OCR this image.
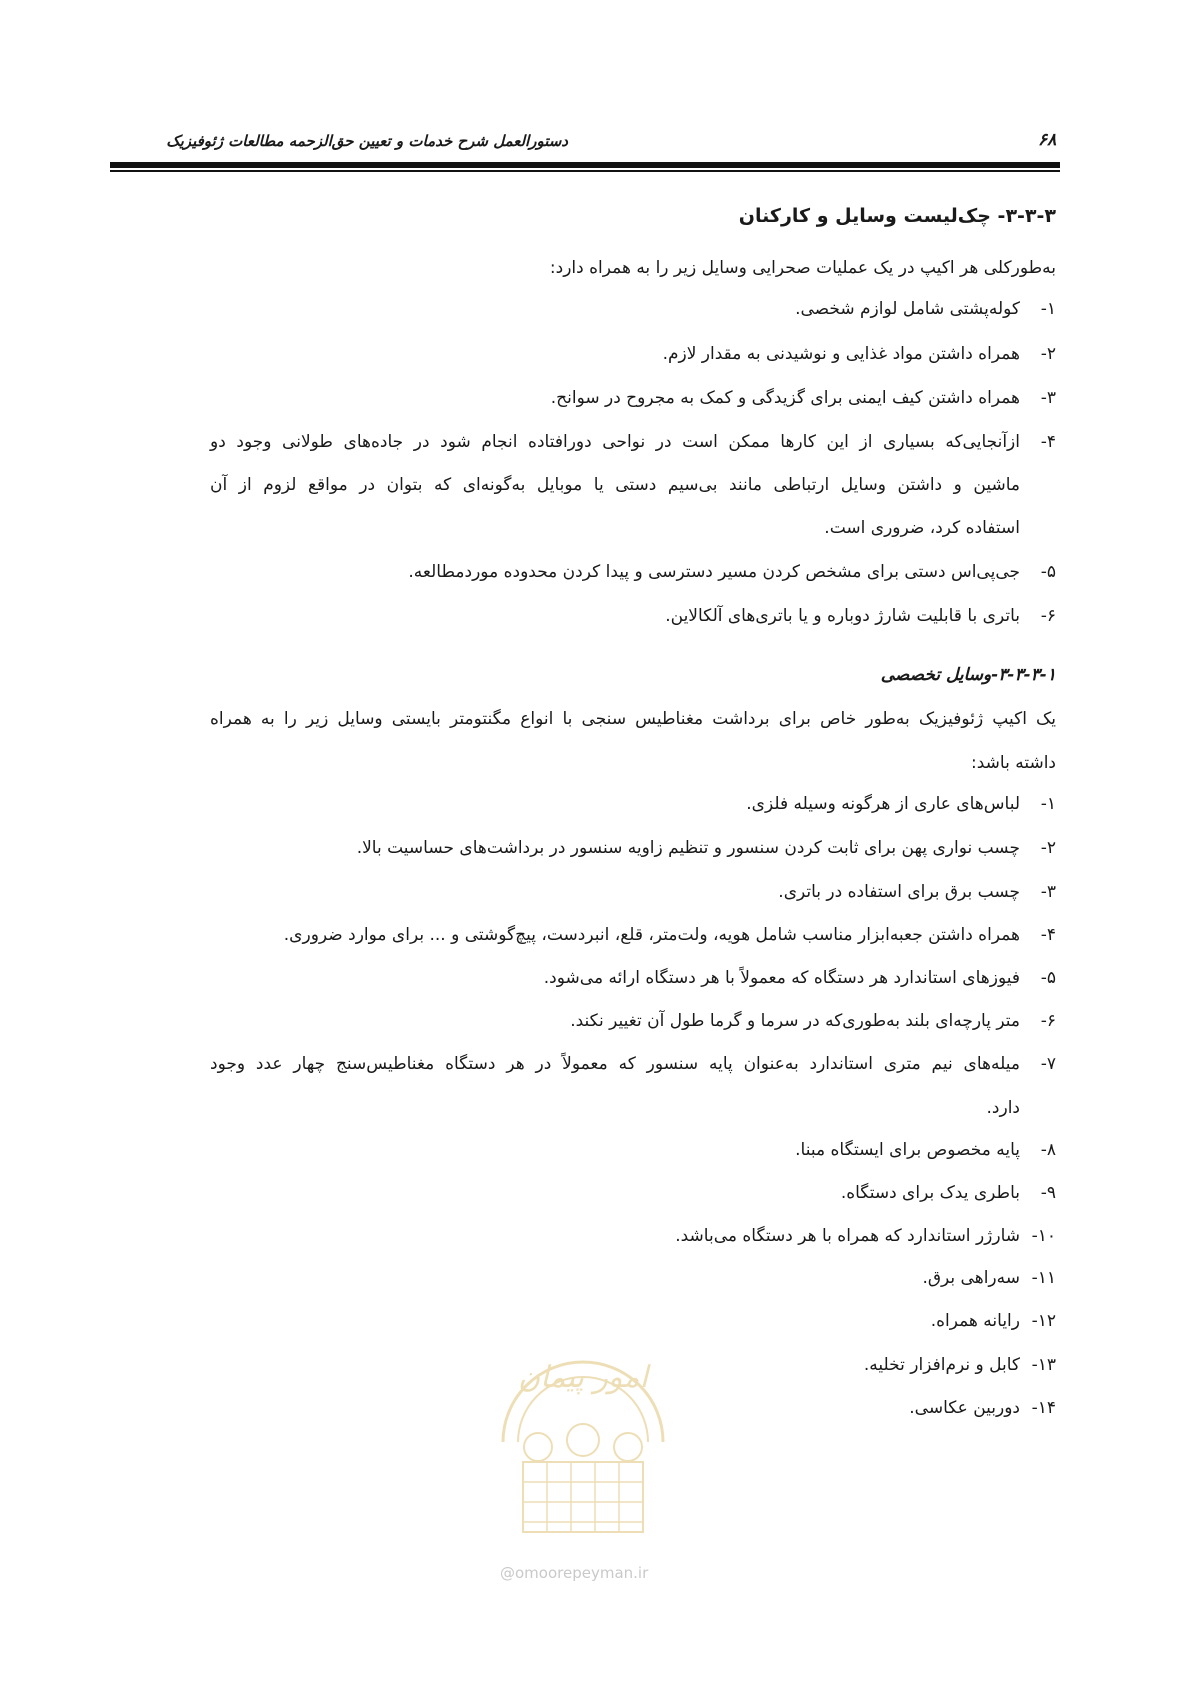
دستورالعمل شرح خدمات و تعیین حق‌الزحمه مطالعات ژئوفیزیک	۶۸
۳-۳-۳- چک‌لیست وسایل و کارکنان
به‌طورکلی هر اکیپ در یک عملیات صحرایی وسایل زیر را به همراه دارد:
۱-
کوله‌پشتی شامل لوازم شخصی.
۲-
همراه داشتن مواد غذایی و نوشیدنی به مقدار لازم.
۳-
همراه داشتن کیف ایمنی برای گزیدگی و کمک به مجروح در سوانح.
۴-
ازآنجایی‌که بسیاری از این کارها ممکن است در نواحی دورافتاده انجام شود در جاده‌های طولانی وجود دو
ماشین و داشتن وسایل ارتباطی مانند بی‌سیم دستی یا موبایل به‌گونه‌ای که بتوان در مواقع لزوم از آن
استفاده کرد، ضروری است.
۵-
جی‌پی‌اس دستی برای مشخص کردن مسیر دسترسی و پیدا کردن محدوده موردمطالعه.
۶-
باتری با قابلیت شارژ دوباره و یا باتری‌های آلکالاین.
۳-۳-۳-۱-وسایل تخصصی
یک اکیپ ژئوفیزیک به‌طور خاص برای برداشت مغناطیس سنجی با انواع مگنتومتر بایستی وسایل زیر را به همراه
داشته باشد:
۱-
لباس‌های عاری از هرگونه وسیله فلزی.
۲-
چسب نواری پهن برای ثابت کردن سنسور و تنظیم زاویه سنسور در برداشت‌های حساسیت بالا.
۳-
چسب برق برای استفاده در باتری.
۴-
همراه داشتن جعبه‌ابزار مناسب شامل هویه، ولت‌متر، قلع، انبردست، پیچ‌گوشتی و ... برای موارد ضروری.
۵-
فیوزهای استاندارد هر دستگاه که معمولاً با هر دستگاه ارائه می‌شود.
۶-
متر پارچه‌ای بلند به‌طوری‌که در سرما و گرما طول آن تغییر نکند.
۷-
میله‌های نیم متری استاندارد به‌عنوان پایه سنسور که معمولاً در هر دستگاه مغناطیس‌سنج چهار عدد وجود
دارد.
۸-
پایه مخصوص برای ایستگاه مبنا.
۹-
باطری یدک برای دستگاه.
۱۰-
شارژر استاندارد که همراه با هر دستگاه می‌باشد.
۱۱-
سه‌راهی برق.
۱۲-
رایانه همراه.
۱۳-
کابل و نرم‌افزار تخلیه.
۱۴-
دوربین عکاسی.
امور پیمان
@omoorepeyman.ir
